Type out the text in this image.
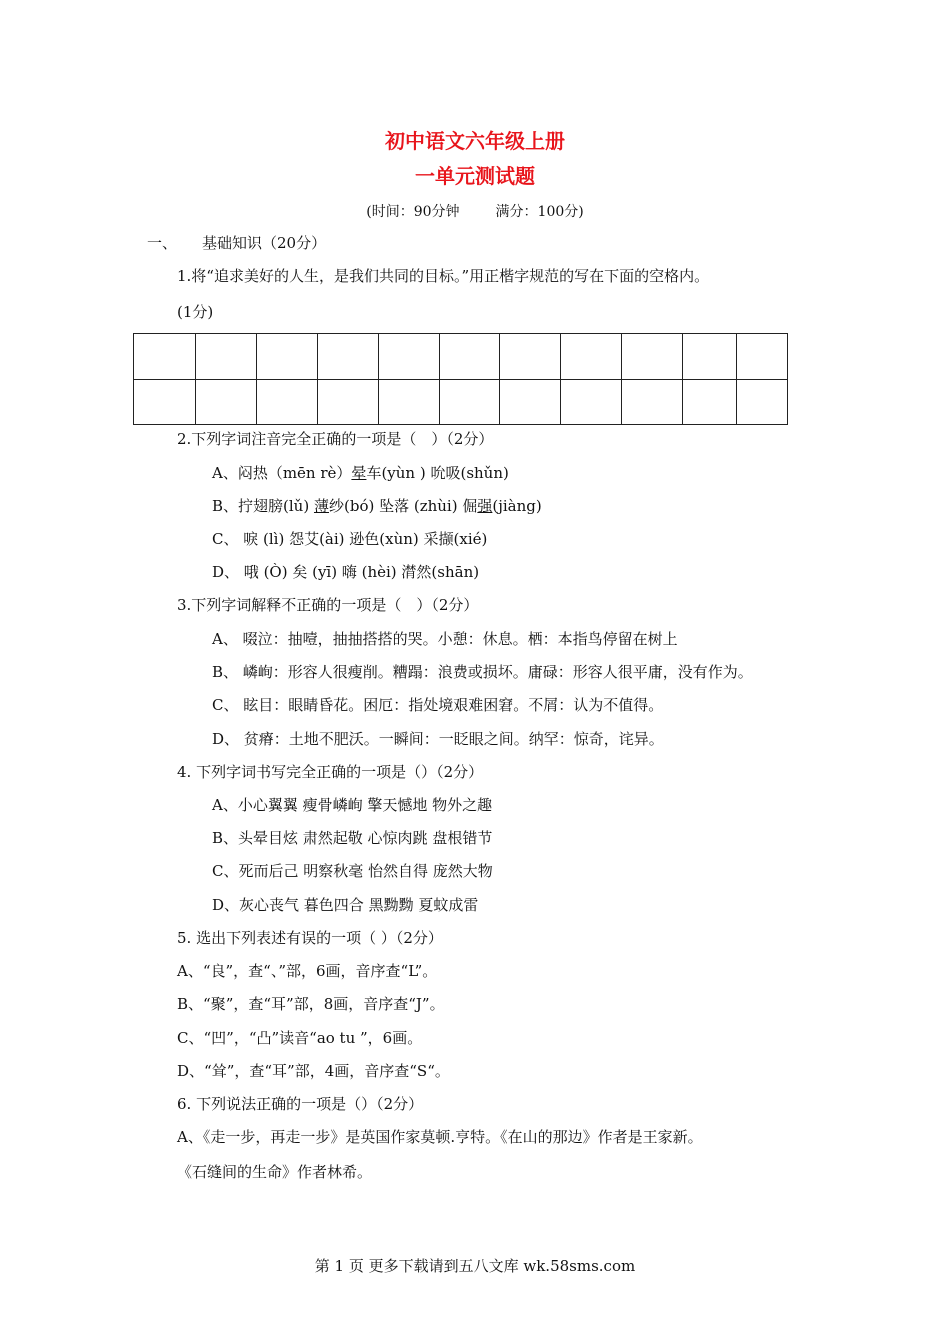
初中语文六年级上册
一单元测试题
(时间：90分钟	满分：100分)
一、 基础知识（20分）
1.将“追求美好的人生，是我们共同的目标。”用正楷字规范的写在下面的空格内。
(1分)

2.下列字词注音完全正确的一项是（　）（2分）
A、闷热（mēn rè）晕车(yùn ) 吮吸(shǔn)
B、拧翅膀(lǔ) 薄纱(bó) 坠落 (zhùi) 倔强(jiàng)
C、 唳 (lì) 怨艾(ài) 逊色(xùn) 采撷(xié)
D、 哦 (Ò) 矣 (yī) 嗨 (hèi) 潸然(shān)
3.下列字词解释不正确的一项是（　）（2分）
A、 啜泣：抽噎，抽抽搭搭的哭。小憩：休息。栖：本指鸟停留在树上
B、 嶙峋：形容人很瘦削。糟蹋：浪费或损坏。庸碌：形容人很平庸，没有作为。
C、 眩目：眼睛昏花。困厄：指处境艰难困窘。不屑：认为不值得。
D、 贫瘠：土地不肥沃。一瞬间：一眨眼之间。纳罕：惊奇，诧异。
4. 下列字词书写完全正确的一项是（）（2分）
A、小心翼翼 瘦骨嶙峋 擎天憾地 物外之趣
B、头晕目炫 肃然起敬 心惊肉跳 盘根错节
C、死而后己 明察秋毫 怡然自得 庞然大物
D、灰心丧气 暮色四合 黑黝黝 夏蚊成雷
5. 选出下列表述有误的一项（ ）（2分）
A、“良”，查“、”部，6画，音序查“L”。
B、“聚”，查“耳”部，8画，音序查“J”。
C、“凹”，“凸”读音“ao tu ”，6画。
D、“耸”，查“耳”部，4画，音序查“S“。
6. 下列说法正确的一项是（）（2分）
A、《走一步，再走一步》是英国作家莫顿.亨特。《在山的那边》作者是王家新。
《石缝间的生命》作者林希。
第 1 页 更多下载请到五八文库 wk.58sms.com
